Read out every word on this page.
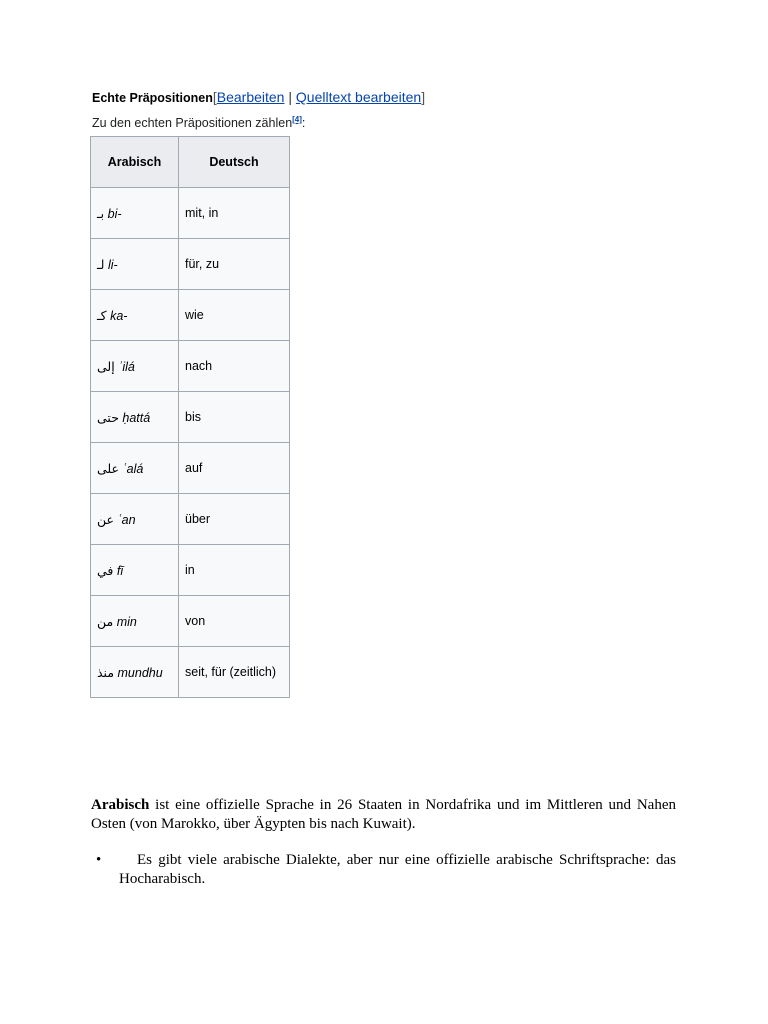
Echte Präpositionen[Bearbeiten | Quelltext bearbeiten]
Zu den echten Präpositionen zählen[4]:
Arabisch	Deutsch
بـ bi-	mit, in
لـ li-	für, zu
كـ ka-	wie
إلى ʾilá	nach
حتى ḥattá	bis
على ʿalá	auf
عن ʿan	über
في fī	in
من min	von
منذ mundhu	seit, für (zeitlich)

Arabisch ist eine offizielle Sprache in 26 Staaten in Nordafrika und im Mittleren und Nahen Osten (von Marokko, über Ägypten bis nach Kuwait).

• Es gibt viele arabische Dialekte, aber nur eine offizielle arabische Schriftsprache: das Hocharabisch.
